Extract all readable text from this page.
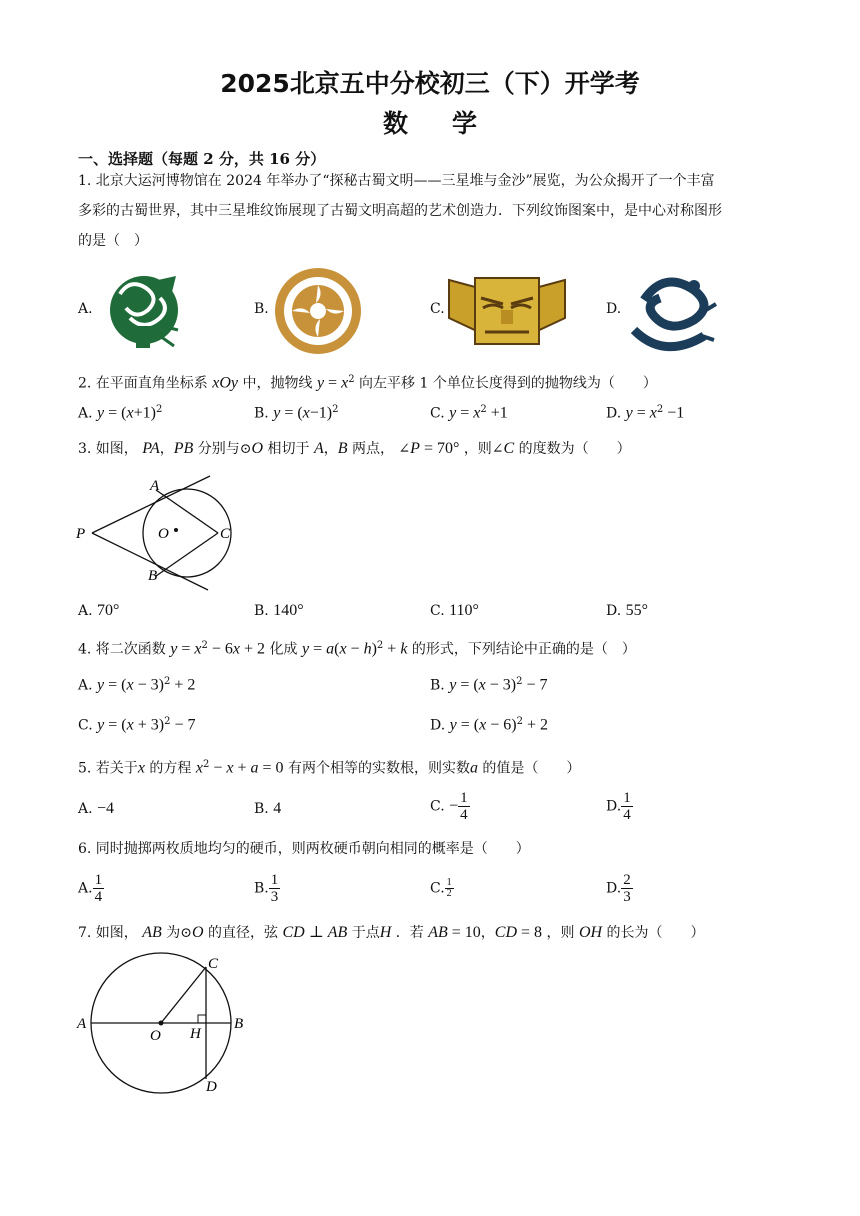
2025北京五中分校初三（下）开学考
数学
一、选择题（每题 2 分，共 16 分）
1. 北京大运河博物馆在 2024 年举办了“探秘古蜀文明——三星堆与金沙”展览，为公众揭开了一个丰富
多彩的古蜀世界，其中三星堆纹饰展现了古蜀文明高超的艺术创造力．下列纹饰图案中，是中心对称图形
的是（　）
A.	B.	C.	D.
2. 在平面直角坐标系 xOy 中，抛物线 $y = x^2$ 向左平移 1 个单位长度得到的抛物线为（　　）
A. $y = (x+1)^2$	B. $y = (x-1)^2$	C. $y = x^2 +1$	D. $y = x^2 -1$
3. 如图， PA，PB 分别与⊙O 相切于 A，B 两点， ∠P = 70° ，则∠C 的度数为（　　）
P
A
B
O	C
A. 70°	B. 140°	C. 110°	D. 55°
4. 将二次函数 $y = x^2 - 6x + 2$ 化成 $y = a(x - h)^2 + k$ 的形式，下列结论中正确的是（　）
A. $y = (x - 3)^2 + 2$	B. $y = (x - 3)^2 - 7$
C. $y = (x + 3)^2 - 7$	D. $y = (x - 6)^2 + 2$
5. 若关于x 的方程 $x^2 - x + a = 0$ 有两个相等的实数根，则实数a 的值是（　　）
A. −4	B. 4	C. − $\frac{1}{4}$	D. $\frac{1}{4}$
6. 同时抛掷两枚质地均匀的硬币，则两枚硬币朝向相同的概率是（　　）
A. $\frac{1}{4}$	B. $\frac{1}{3}$	C. $\frac{1}{2}$	D. $\frac{2}{3}$
7. 如图， AB 为⊙O 的直径，弦 CD ⊥ AB 于点H ．若 AB = 10，CD = 8 ，则 OH 的长为（　　）
A
O H
B
C
D
